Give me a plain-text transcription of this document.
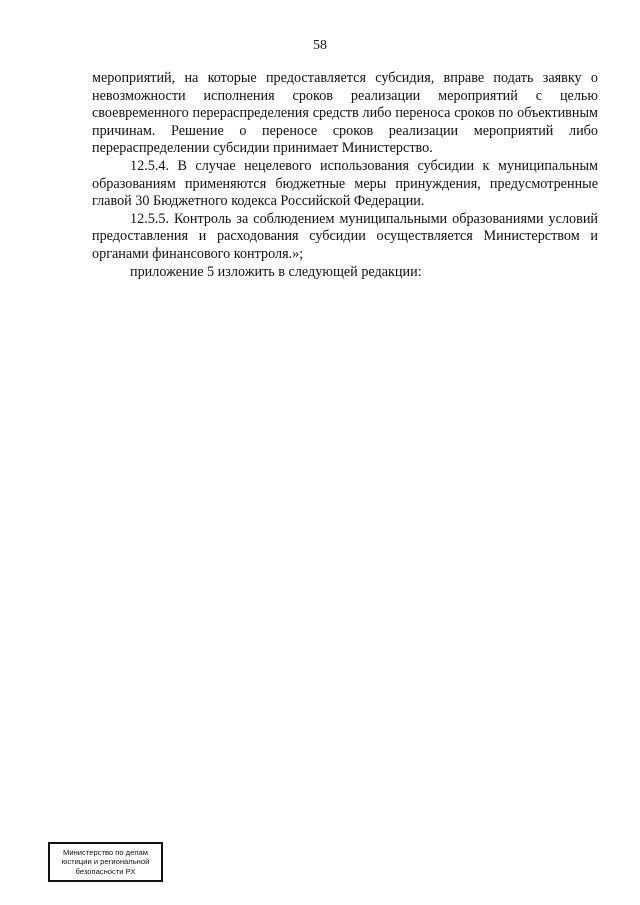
58

мероприятий, на которые предоставляется субсидия, вправе подать заявку о невозможности исполнения сроков реализации мероприятий с целью своевременного перераспределения средств либо переноса сроков по объективным причинам. Решение о переносе сроков реализации мероприятий либо перераспределении субсидии принимает Министерство.

12.5.4. В случае нецелевого использования субсидии к муниципальным образованиям применяются бюджетные меры принуждения, предусмотренные главой 30 Бюджетного кодекса Российской Федерации.

12.5.5. Контроль за соблюдением муниципальными образованиями условий предоставления и расходования субсидии осуществляется Министерством и органами финансового контроля.»;

приложение 5 изложить в следующей редакции:

Министерство по делам
юстиции и региональной
безопасности РХ
